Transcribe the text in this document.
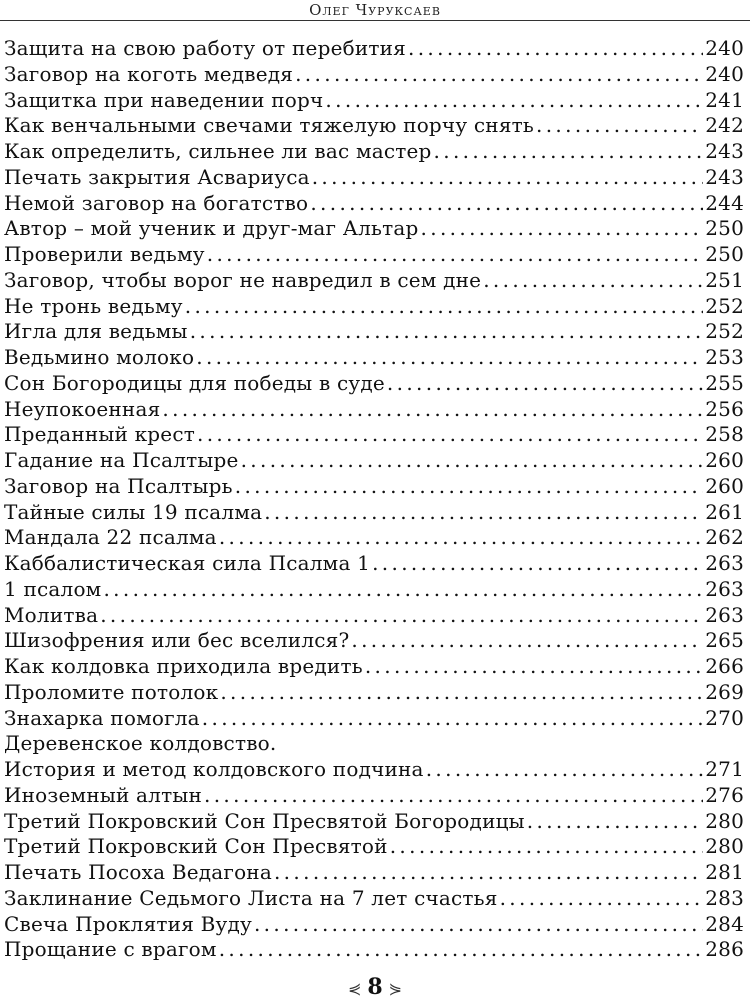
Олег Чуруксаев
Защита на свою работу от перебития . . .	240
Заговор на коготь медведя . . .	240
Защитка при наведении порч . . .	241
Как венчальными свечами тяжелую порчу снять . . .	242
Как определить, сильнее ли вас мастер . . .	243
Печать закрытия Асвариуса . . .	243
Немой заговор на богатство . . .	244
Автор – мой ученик и друг-маг Альтар . . .	250
Проверили ведьму . . .	250
Заговор, чтобы ворог не навредил в сем дне . . .	251
Не тронь ведьму . . .	252
Игла для ведьмы . . .	252
Ведьмино молоко . . .	253
Сон Богородицы для победы в суде . . .	255
Неупокоенная . . .	256
Преданный крест . . .	258
Гадание на Псалтыре . . .	260
Заговор на Псалтырь . . .	260
Тайные силы 19 псалма . . .	261
Мандала 22 псалма . . .	262
Каббалистическая сила Псалма 1 . . .	263
1 псалом . . .	263
Молитва . . .	263
Шизофрения или бес вселился? . . .	265
Как колдовка приходила вредить . . .	266
Проломите потолок . . .	269
Знахарка помогла . . .	270
Деревенское колдовство.
История и метод колдовского подчина . . .	271
Иноземный алтын . . .	276
Третий Покровский Сон Пресвятой Богородицы . . .	280
Третий Покровский Сон Пресвятой . . .	280
Печать Посоха Ведагона . . .	281
Заклинание Седьмого Листа на 7 лет счастья . . .	283
Свеча Проклятия Вуду . . .	284
Прощание с врагом . . .	286
⋞ 8 ⋟
